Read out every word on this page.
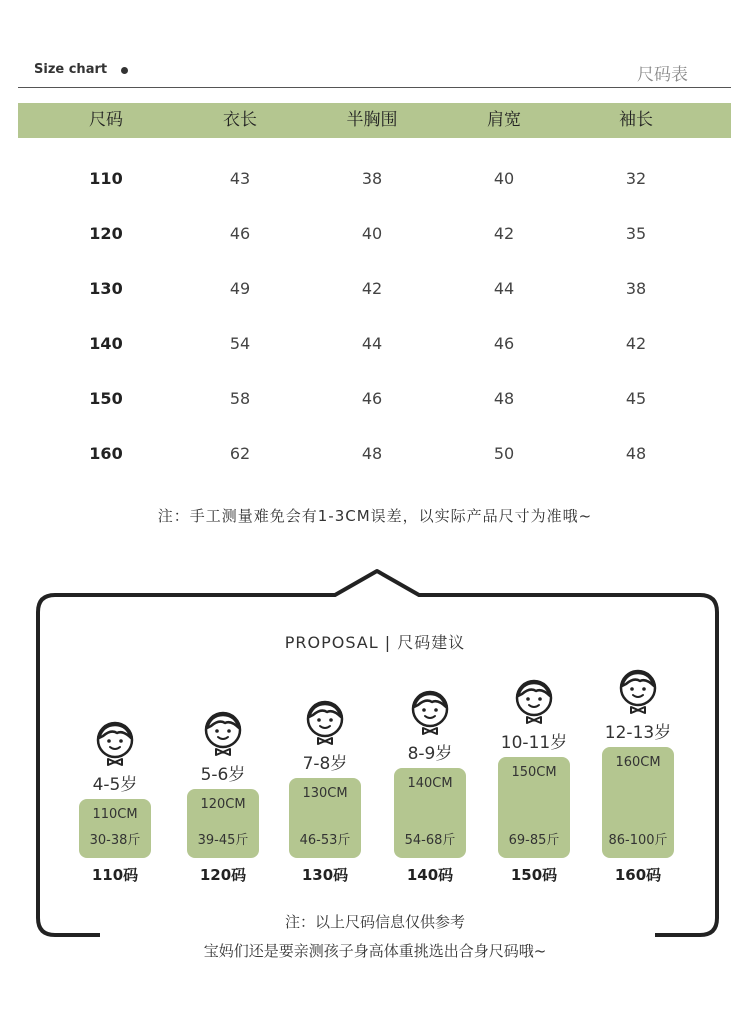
Size chart	尺码表
尺码	衣长	半胸围	肩宽	袖长
110	43	38	40	32
120	46	40	42	35
130	49	42	44	38
140	54	44	46	42
150	58	46	48	45
160	62	48	50	48
注：手工测量难免会有1-3CM误差，以实际产品尺寸为准哦~
PROPOSAL | 尺码建议
4-5岁
110CM
30-38斤
110码
5-6岁
120CM
39-45斤
120码
7-8岁
130CM
46-53斤
130码
8-9岁
140CM
54-68斤
140码
10-11岁
150CM
69-85斤
150码
12-13岁
160CM
86-100斤
160码
注：以上尺码信息仅供参考
宝妈们还是要亲测孩子身高体重挑选出合身尺码哦~
